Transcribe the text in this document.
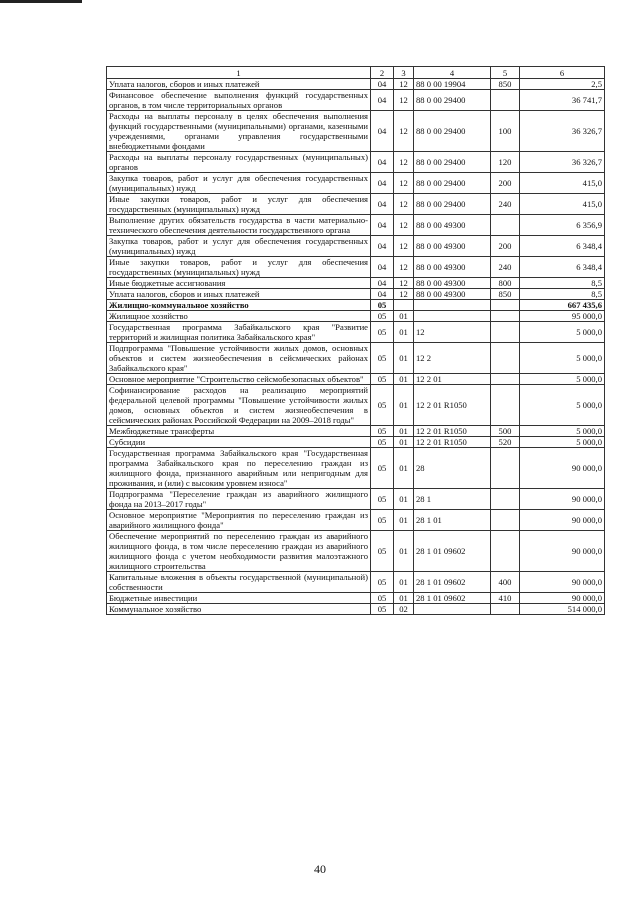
1	2	3	4	5	6
Уплата налогов, сборов и иных платежей	04	12	88 0 00 19904	850	2,5
Финансовое обеспечение выполнения функций государственных органов, в том числе территориальных органов	04	12	88 0 00 29400		36 741,7
Расходы на выплаты персоналу в целях обеспечения выполнения функций государственными (муниципальными) органами, казенными учреждениями, органами управления государственными внебюджетными фондами	04	12	88 0 00 29400	100	36 326,7
Расходы на выплаты персоналу государственных (муниципальных) органов	04	12	88 0 00 29400	120	36 326,7
Закупка товаров, работ и услуг для обеспечения государственных (муниципальных) нужд	04	12	88 0 00 29400	200	415,0
Иные закупки товаров, работ и услуг для обеспечения государственных (муниципальных) нужд	04	12	88 0 00 29400	240	415,0
Выполнение других обязательств государства в части материально-технического обеспечения деятельности государственного органа	04	12	88 0 00 49300		6 356,9
Закупка товаров, работ и услуг для обеспечения государственных (муниципальных) нужд	04	12	88 0 00 49300	200	6 348,4
Иные закупки товаров, работ и услуг для обеспечения государственных (муниципальных) нужд	04	12	88 0 00 49300	240	6 348,4
Иные бюджетные ассигнования	04	12	88 0 00 49300	800	8,5
Уплата налогов, сборов и иных платежей	04	12	88 0 00 49300	850	8,5
Жилищно-коммунальное хозяйство	05				667 435,6
Жилищное хозяйство	05	01			95 000,0
Государственная программа Забайкальского края "Развитие территорий и жилищная политика Забайкальского края"	05	01	12		5 000,0
Подпрограмма "Повышение устойчивости жилых домов, основных объектов и систем жизнеобеспечения в сейсмических районах Забайкальского края"	05	01	12 2		5 000,0
Основное мероприятие "Строительство сейсмобезопасных объектов"	05	01	12 2 01		5 000,0
Софинансирование расходов на реализацию мероприятий федеральной целевой программы "Повышение устойчивости жилых домов, основных объектов и систем жизнеобеспечения в сейсмических районах Российской Федерации на 2009–2018 годы"	05	01	12 2 01 R1050		5 000,0
Межбюджетные трансферты	05	01	12 2 01 R1050	500	5 000,0
Субсидии	05	01	12 2 01 R1050	520	5 000,0
Государственная программа Забайкальского края "Государственная программа Забайкальского края по переселению граждан из жилищного фонда, признанного аварийным или непригодным для проживания, и (или) с высоким уровнем износа"	05	01	28		90 000,0
Подпрограмма "Переселение граждан из аварийного жилищного фонда на 2013–2017 годы"	05	01	28 1		90 000,0
Основное мероприятие "Мероприятия по переселению граждан из аварийного жилищного фонда"	05	01	28 1 01		90 000,0
Обеспечение мероприятий по переселению граждан из аварийного жилищного фонда, в том числе переселению граждан из аварийного жилищного фонда с учетом необходимости развития малоэтажного жилищного строительства	05	01	28 1 01 09602		90 000,0
Капитальные вложения в объекты государственной (муниципальной) собственности	05	01	28 1 01 09602	400	90 000,0
Бюджетные инвестиции	05	01	28 1 01 09602	410	90 000,0
Коммунальное хозяйство	05	02			514 000,0
40
